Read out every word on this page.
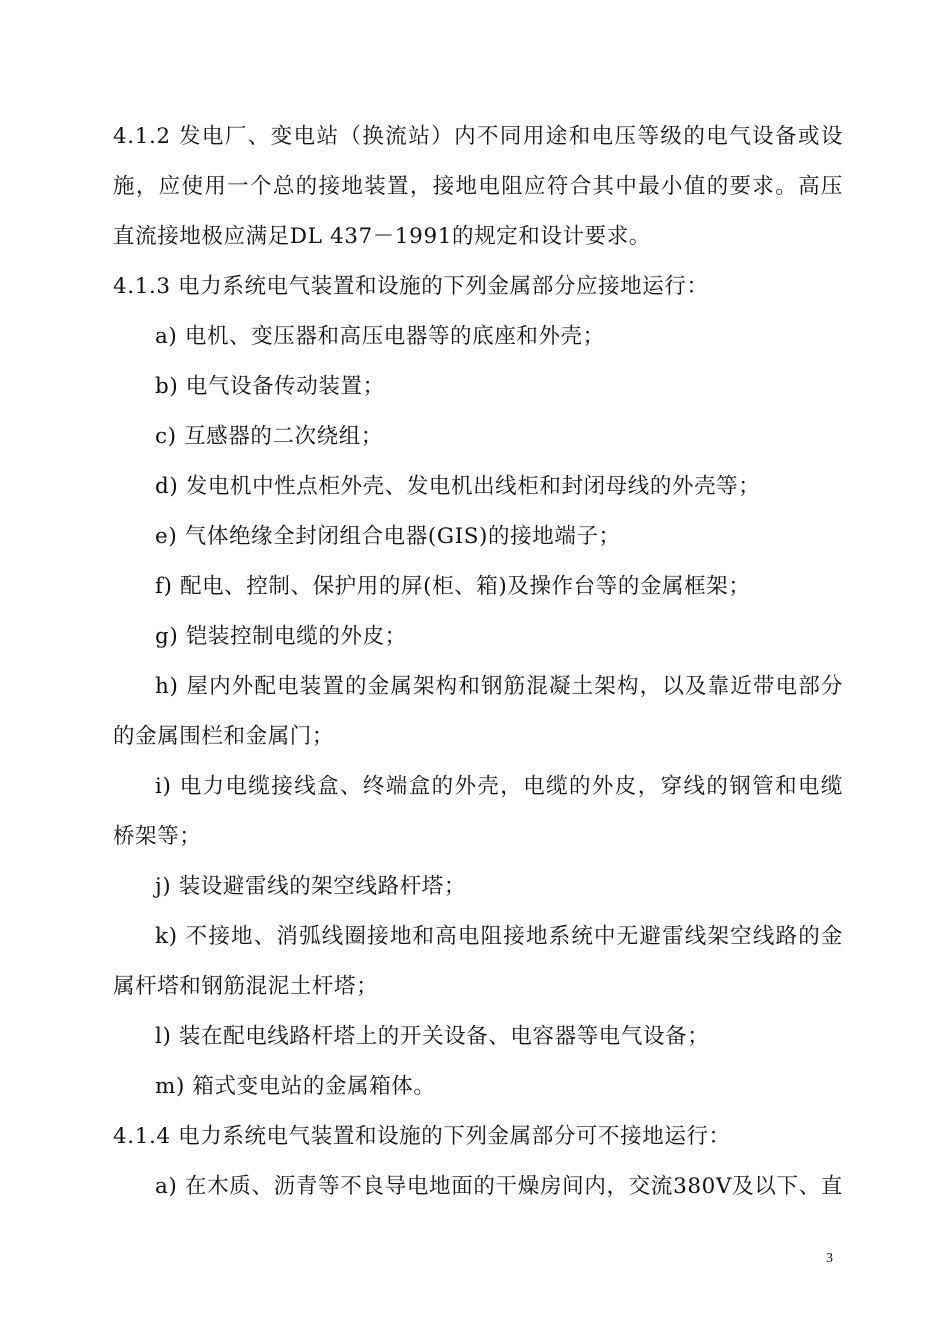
4.1.2 发电厂、变电站（换流站）内不同用途和电压等级的电气设备或设
施，应使用一个总的接地装置，接地电阻应符合其中最小值的要求。高压
直流接地极应满足DL 437－1991的规定和设计要求。
4.1.3 电力系统电气装置和设施的下列金属部分应接地运行：
a) 电机、变压器和高压电器等的底座和外壳；
b) 电气设备传动装置；
c) 互感器的二次绕组；
d) 发电机中性点柜外壳、发电机出线柜和封闭母线的外壳等；
e) 气体绝缘全封闭组合电器(GIS)的接地端子；
f) 配电、控制、保护用的屏(柜、箱)及操作台等的金属框架；
g) 铠装控制电缆的外皮；
h) 屋内外配电装置的金属架构和钢筋混凝土架构，以及靠近带电部分
的金属围栏和金属门；
i) 电力电缆接线盒、终端盒的外壳，电缆的外皮，穿线的钢管和电缆
桥架等；
j) 装设避雷线的架空线路杆塔；
k) 不接地、消弧线圈接地和高电阻接地系统中无避雷线架空线路的金
属杆塔和钢筋混泥土杆塔；
l) 装在配电线路杆塔上的开关设备、电容器等电气设备；
m) 箱式变电站的金属箱体。
4.1.4 电力系统电气装置和设施的下列金属部分可不接地运行：
a) 在木质、沥青等不良导电地面的干燥房间内，交流380V及以下、直
3
